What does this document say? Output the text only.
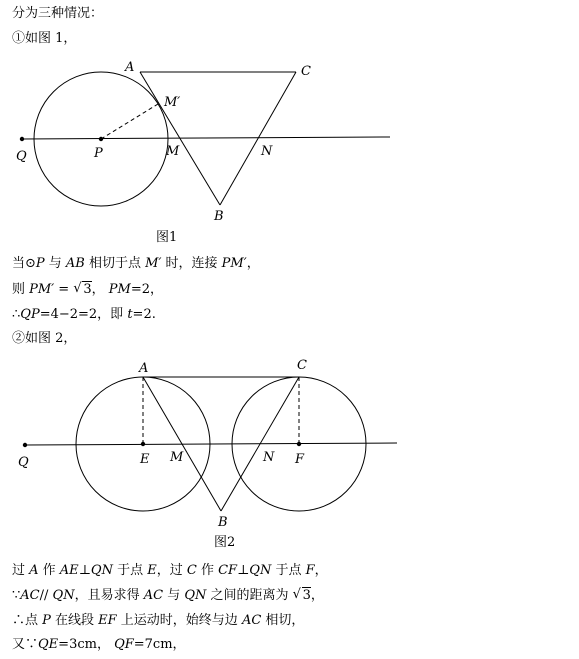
分为三种情况：
①如图 1，
A	C
M′
Q	P	M	N
B
图1
当⊙P 与 AB 相切于点 M′ 时，连接 PM′，
则 PM′ = √ 3， PM=2，
∴QP=4−2=2，即 t=2.
②如图 2，
A	C
Q	E M	N F
B
图2
过 A 作 AE⊥QN 于点 E，过 C 作 CF⊥QN 于点 F，
∵AC// QN，且易求得 AC 与 QN 之间的距离为 √ 3，
∴点 P 在线段 EF 上运动时，始终与边 AC 相切，
又∵QE=3cm， QF=7cm，
